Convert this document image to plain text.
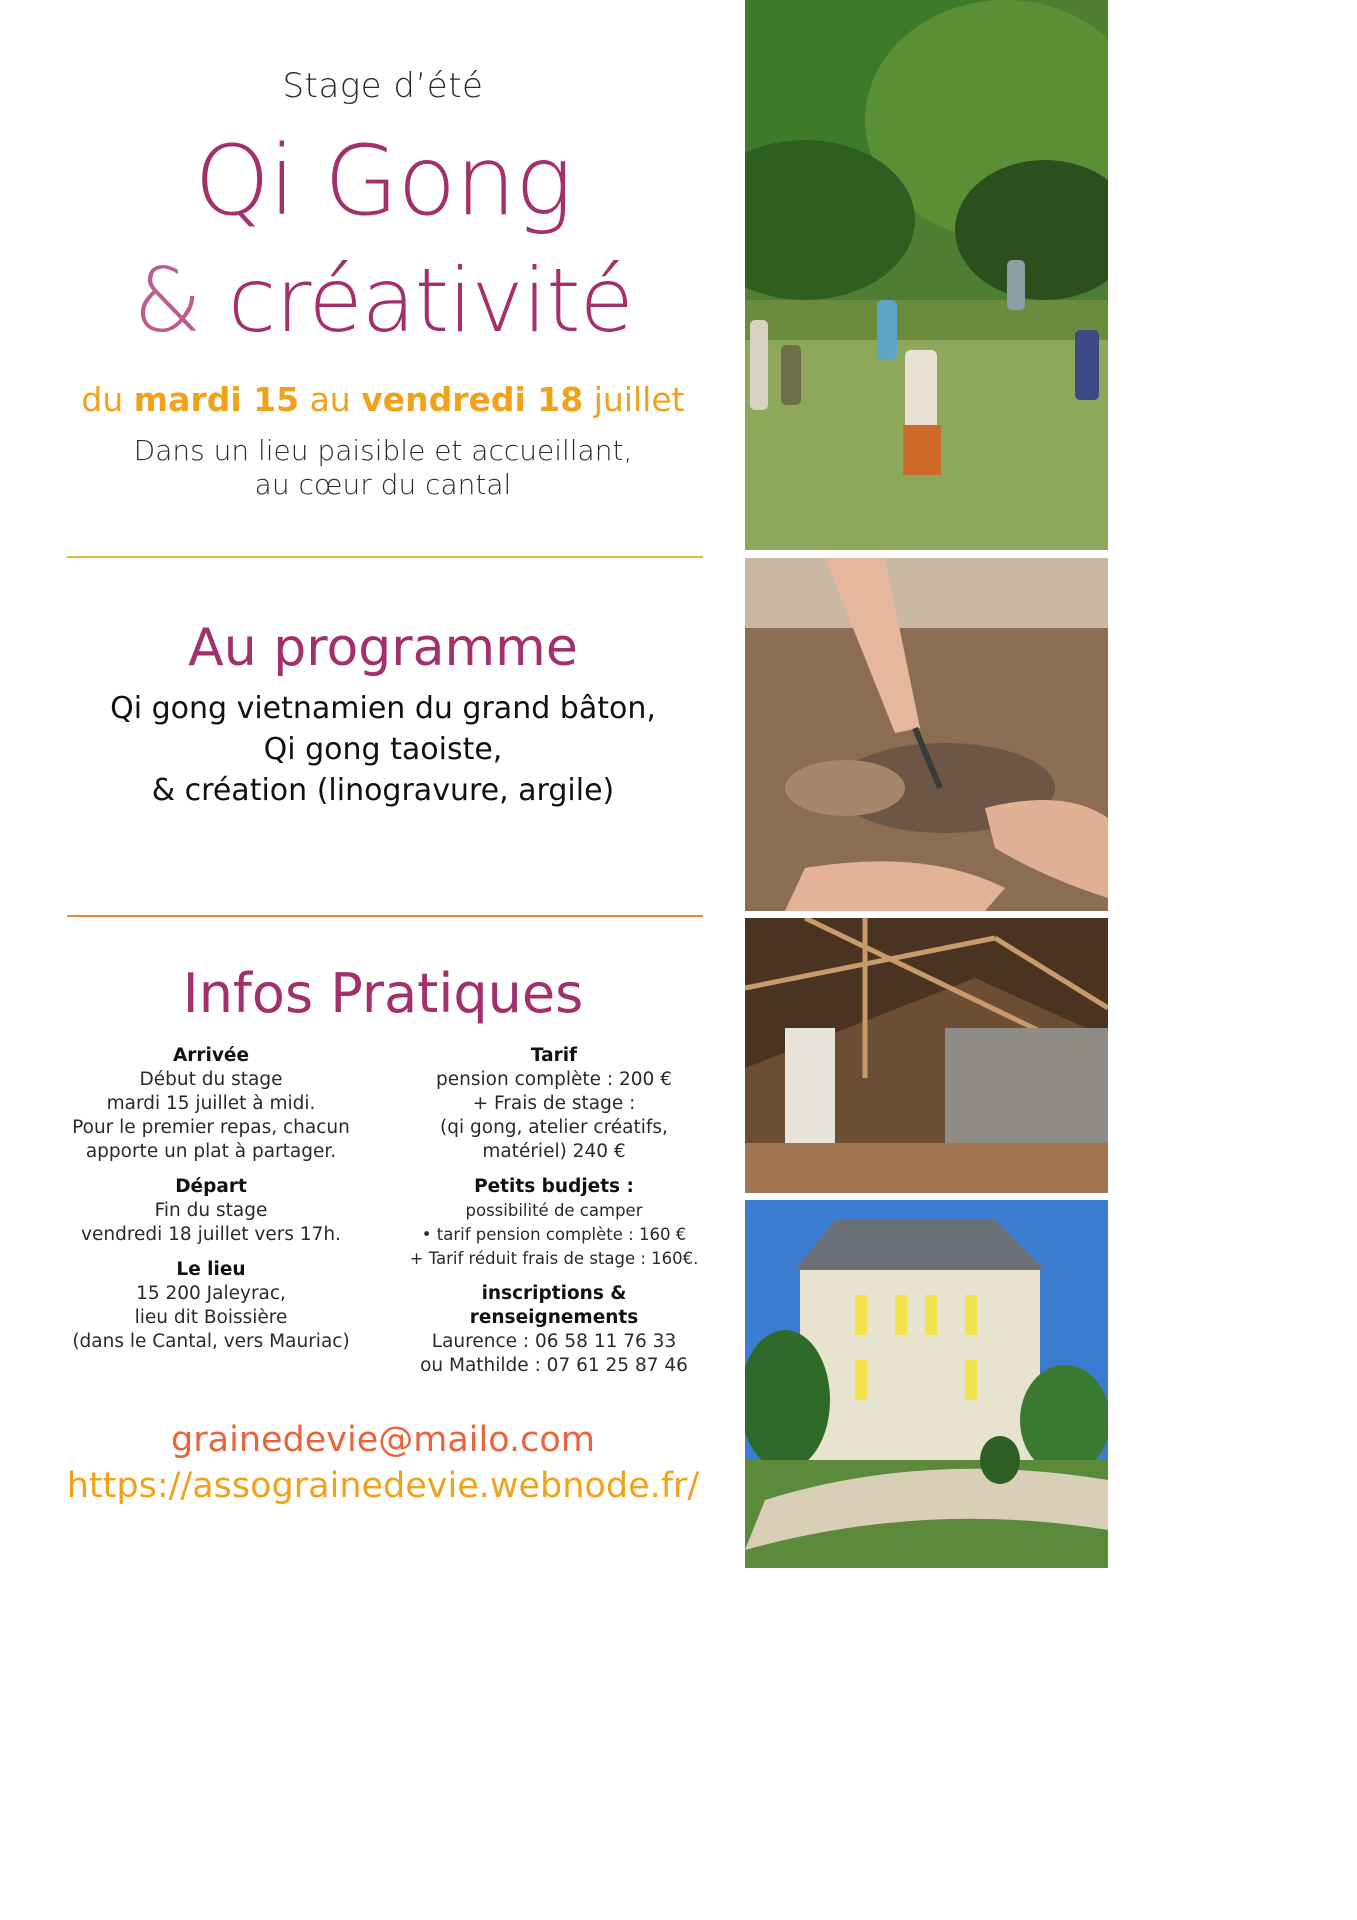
Stage d’été
Qi Gong
& créativité
du mardi 15 au vendredi 18 juillet
Dans un lieu paisible et accueillant,
au cœur du cantal
Au programme
Qi gong vietnamien du grand bâton,
Qi gong taoiste,
& création (linogravure, argile)
Infos Pratiques
Arrivée
Début du stage
mardi 15 juillet à midi.
Pour le premier repas, chacun
apporte un plat à partager.
Départ
Fin du stage
vendredi 18 juillet vers 17h.
Le lieu
15 200 Jaleyrac,
lieu dit Boissière
(dans le Cantal, vers Mauriac)
Tarif
pension complète : 200 €
+ Frais de stage :
(qi gong, atelier créatifs,
matériel) 240 €
Petits budjets :
possibilité de camper
• tarif pension complète : 160 €
+ Tarif réduit frais de stage : 160€.
inscriptions & renseignements
Laurence : 06 58 11 76 33
ou Mathilde : 07 61 25 87 46
grainedevie@mailo.com
https://assograinedevie.webnode.fr/
